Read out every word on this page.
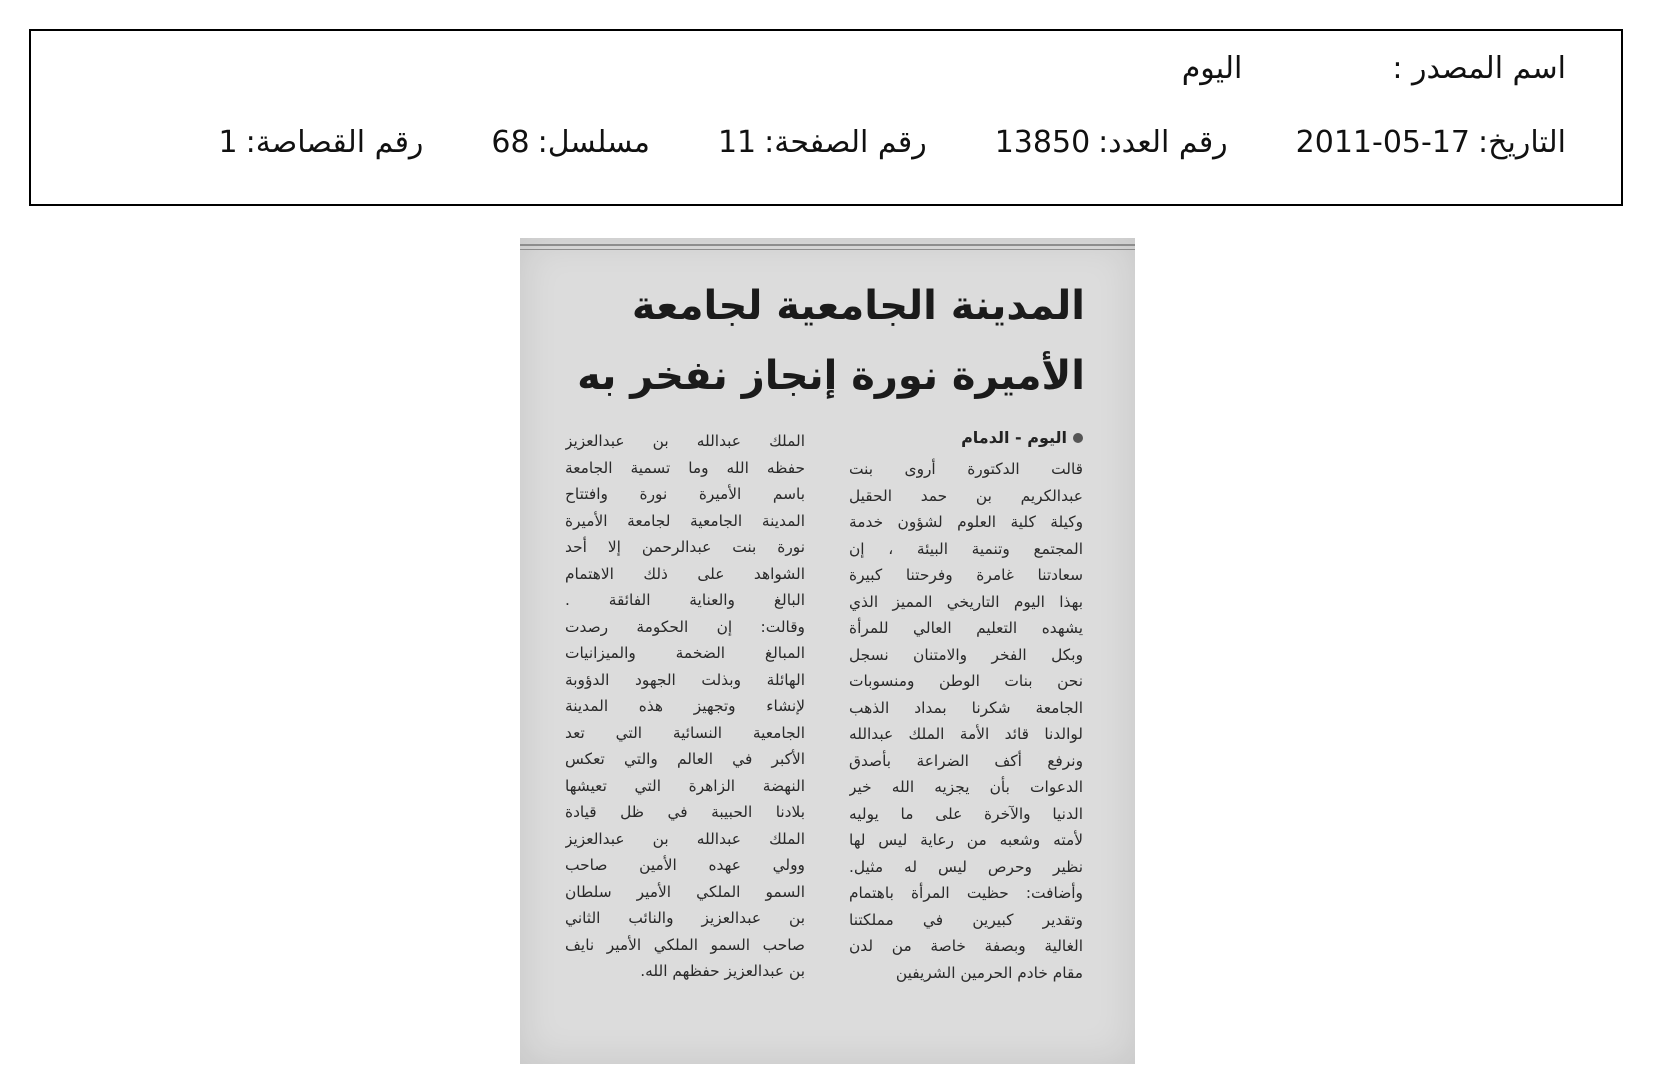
اسم المصدر :
اليوم
التاريخ:
2011-05-17
رقم العدد:
13850
رقم الصفحة:
11
مسلسل:
68
رقم القصاصة:
1
المدينة الجامعية لجامعة
الأميرة نورة إنجاز نفخر به
اليوم - الدمام
قالت الدكتورة أروى بنت
عبدالكريم بن حمد الحقيل
وكيلة كلية العلوم لشؤون خدمة
المجتمع وتنمية البيئة ، إن
سعادتنا غامرة وفرحتنا كبيرة
بهذا اليوم التاريخي المميز الذي
يشهده التعليم العالي للمرأة
وبكل الفخر والامتنان نسجل
نحن بنات الوطن ومنسوبات
الجامعة شكرنا بمداد الذهب
لوالدنا قائد الأمة الملك عبدالله
ونرفع أكف الضراعة بأصدق
الدعوات بأن يجزيه الله خير
الدنيا والآخرة على ما يوليه
لأمته وشعبه من رعاية ليس لها
نظير وحرص ليس له مثيل.
وأضافت: حظيت المرأة باهتمام
وتقدير كبيرين في مملكتنا
الغالية وبصفة خاصة من لدن
مقام خادم الحرمين الشريفين
الملك عبدالله بن عبدالعزيز
حفظه الله وما تسمية الجامعة
باسم الأميرة نورة وافتتاح
المدينة الجامعية لجامعة الأميرة
نورة بنت عبدالرحمن إلا أحد
الشواهد على ذلك الاهتمام
البالغ والعناية الفائقة .
وقالت: إن الحكومة رصدت
المبالغ الضخمة والميزانيات
الهائلة وبذلت الجهود الدؤوبة
لإنشاء وتجهيز هذه المدينة
الجامعية النسائية التي تعد
الأكبر في العالم والتي تعكس
النهضة الزاهرة التي تعيشها
بلادنا الحبيبة في ظل قيادة
الملك عبدالله بن عبدالعزيز
وولي عهده الأمين صاحب
السمو الملكي الأمير سلطان
بن عبدالعزيز والنائب الثاني
صاحب السمو الملكي الأمير نايف
بن عبدالعزيز حفظهم الله.
